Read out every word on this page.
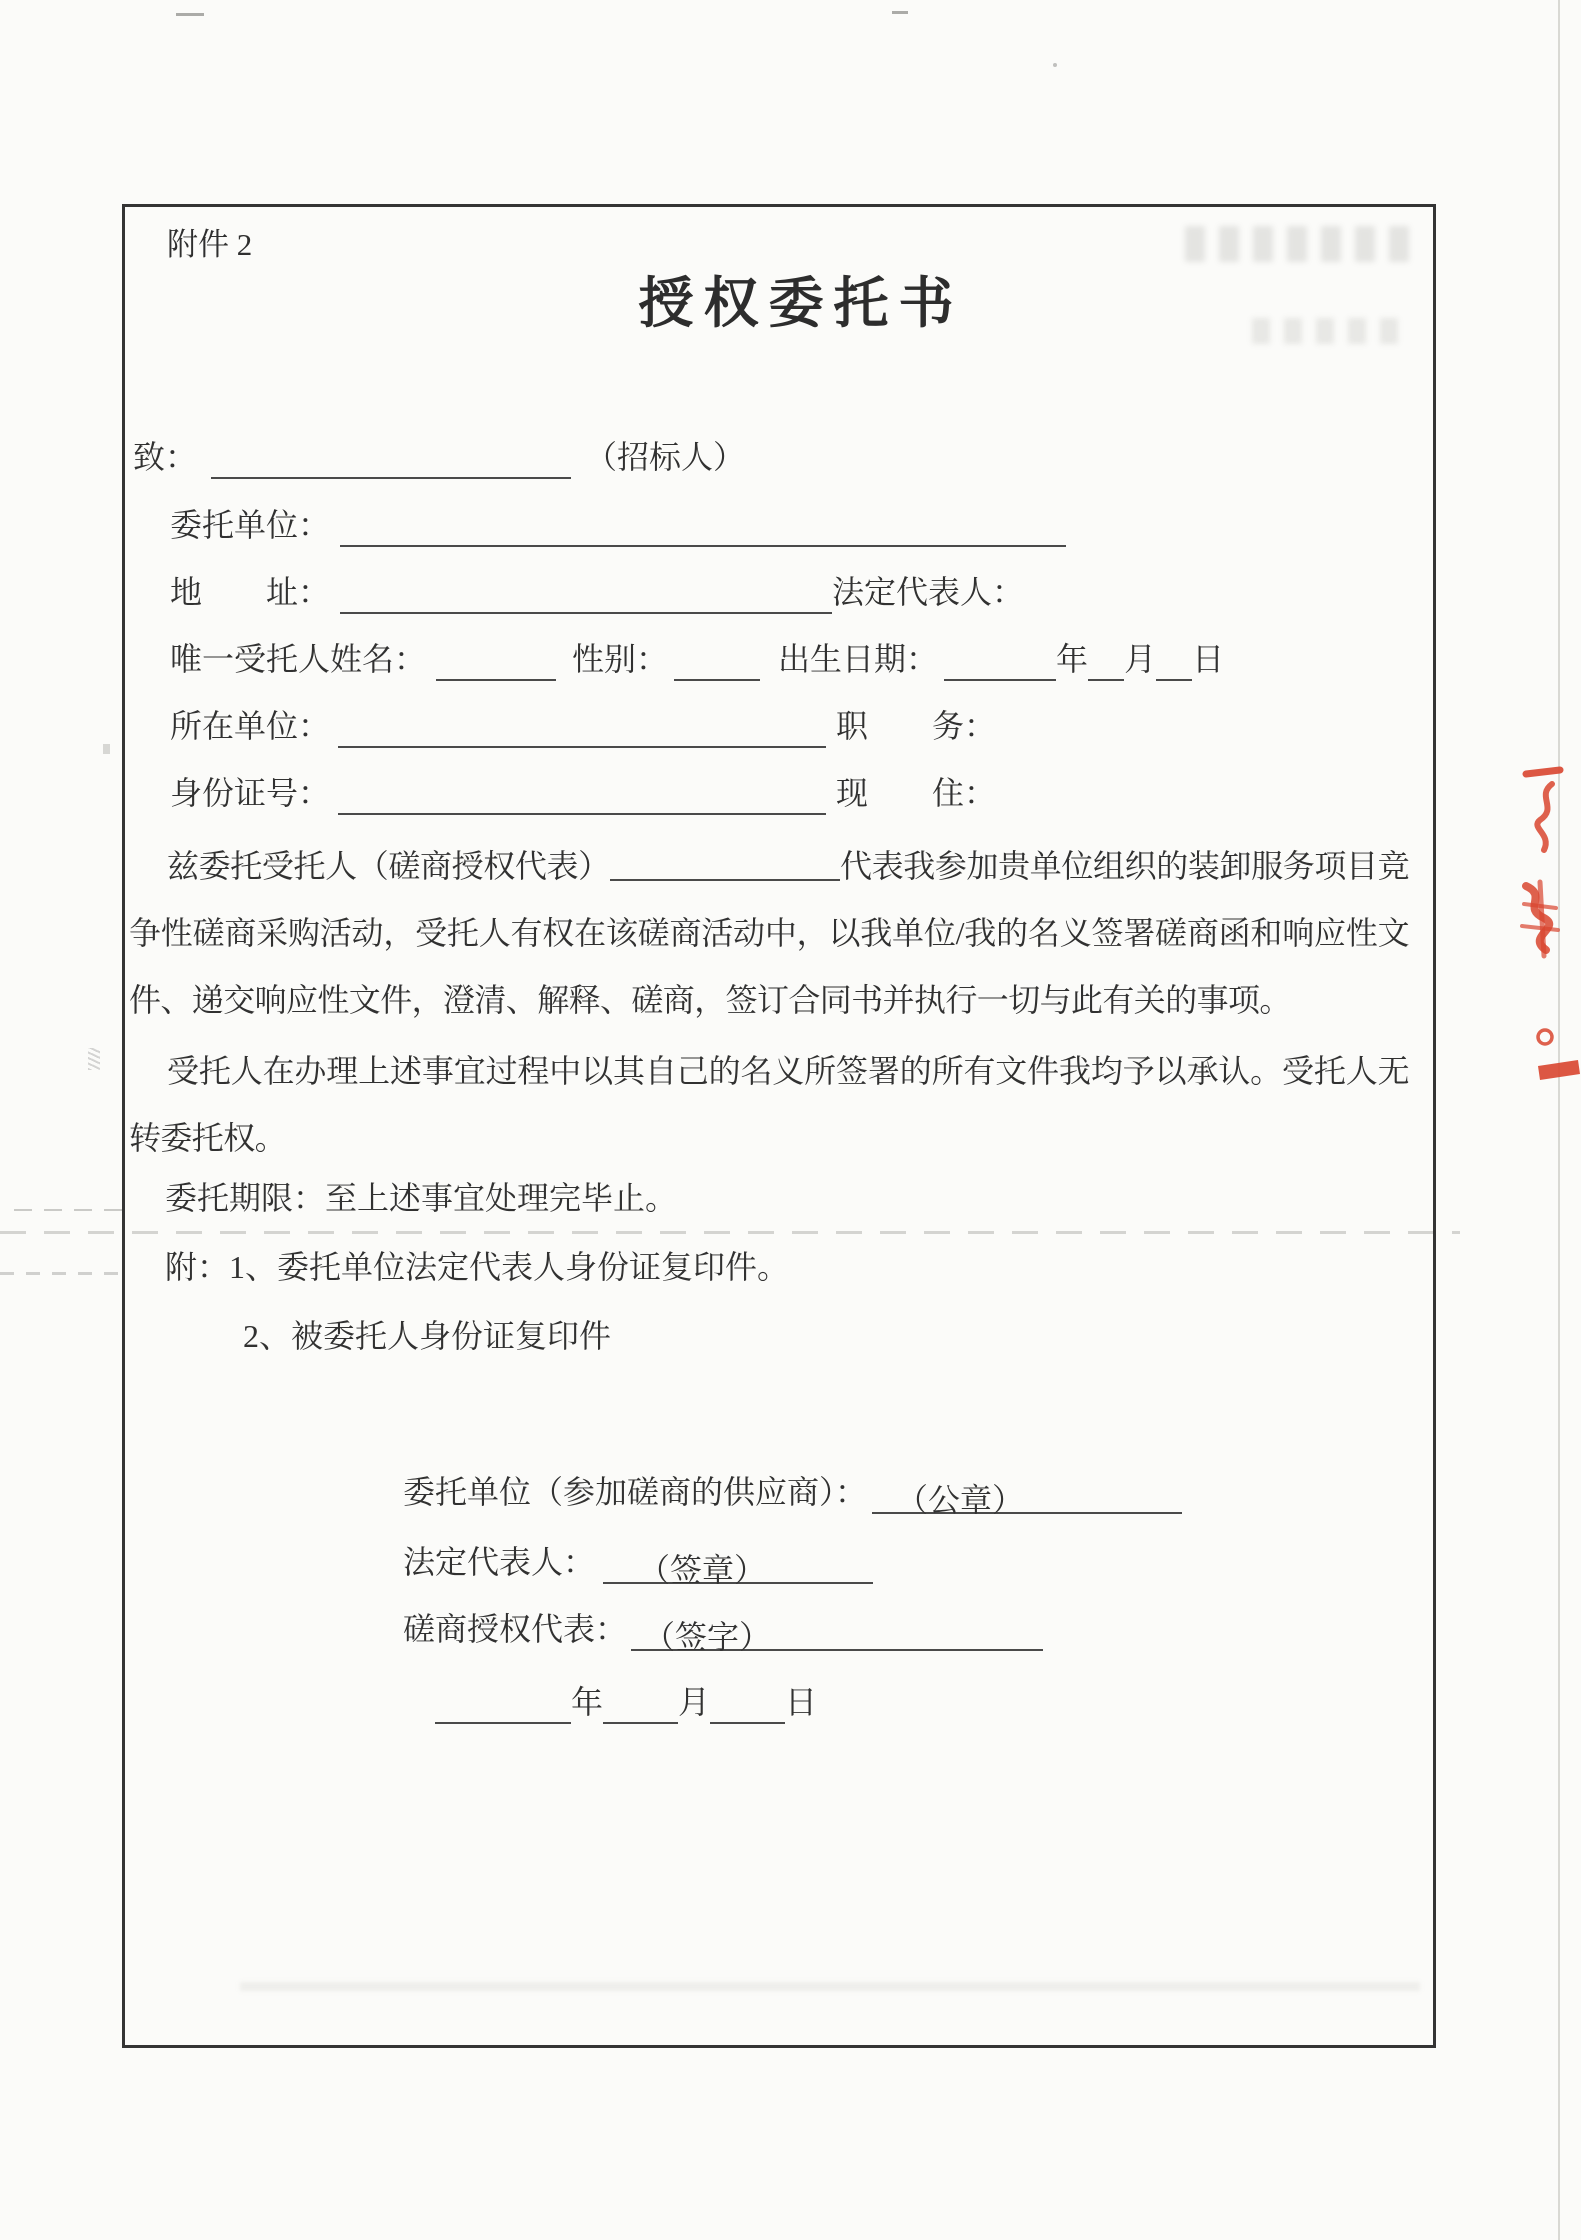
附件 2
授权委托书
致：	（招标人）
委托单位：
地　　址：	法定代表人：
唯一受托人姓名：	性别：	出生日期：	年 月 日
所在单位：	职　　务：
身份证号：	现　　住：

兹委托受托人（磋商授权代表）	代表我参加贵单位组织的装卸服务项目竞争性磋商采购活动，受托人有权在该磋商活动中，以我单位/我的名义签署磋商函和响应性文件、递交响应性文件，澄清、解释、磋商，签订合同书并执行一切与此有关的事项。

受托人在办理上述事宜过程中以其自己的名义所签署的所有文件我均予以承认。受托人无转委托权。

委托期限：至上述事宜处理完毕止。
附：1、委托单位法定代表人身份证复印件。
2、被委托人身份证复印件
委托单位（参加磋商的供应商）： （公章）
法定代表人： （签章）
磋商授权代表： （签字）
年 月 日
